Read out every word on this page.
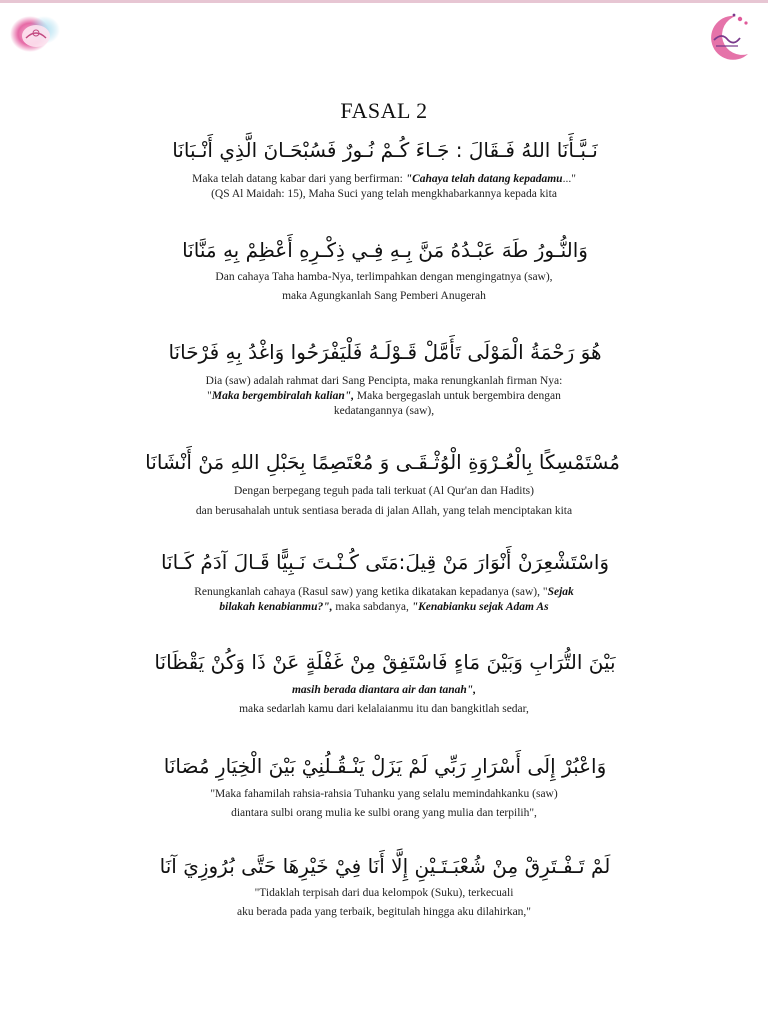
FASAL 2
نَـبَّـأَنَا اللهُ فَـقَالَ : جَـاءَ كُـمْ نُـورٌ فَسُبْحَـانَ الَّذِي أَنْـبَانَا
Maka telah datang kabar dari yang berfirman: "Cahaya telah datang kepadamu..."
(QS Al Maidah: 15), Maha Suci yang telah mengkhabarkannya kepada kita
وَالنُّـورُ طَهَ عَبْـدُهُ مَنَّ بِـهِ فِـي ذِكْـرِهِ أَعْظِمْ بِهِ مَنَّانَا
Dan cahaya Taha hamba-Nya, terlimpahkan dengan mengingatnya (saw),
maka Agungkanlah Sang Pemberi Anugerah
هُوَ رَحْمَةُ الْمَوْلَى تَأَمَّلْ قَـوْلَـهُ فَلْيَفْرَحُوا وَاغْدُ بِهِ فَرْحَانَا
Dia (saw) adalah rahmat dari Sang Pencipta, maka renungkanlah firman Nya:
"Maka bergembiralah kalian", Maka bergegaslah untuk bergembira dengan
kedatangannya (saw),
مُسْتَمْسِكًا بِالْعُـرْوَةِ الْوُثْـقَـى وَ مُعْتَصِمًا بِحَبْلِ اللهِ مَنْ أَنْشَانَا
Dengan berpegang teguh pada tali terkuat (Al Qur'an dan Hadits)
dan berusahalah untuk sentiasa berada di jalan Allah, yang telah menciptakan kita
وَاسْتَشْعِرَنْ أَنْوَارَ مَنْ قِيلَ:مَتَى كُـنْـتَ نَـبِيًّا قَـالَ آدَمُ كَـانَا
Renungkanlah cahaya (Rasul saw) yang ketika dikatakan kepadanya (saw), "Sejak
bilakah kenabianmu?", maka sabdanya, "Kenabianku sejak Adam As
بَيْنَ التُّرَابِ وَبَيْنَ مَاءٍ فَاسْتَفِقْ مِنْ غَفْلَةٍ عَنْ ذَا وَكُنْ يَقْظَانَا
masih berada diantara air dan tanah",
maka sedarlah kamu dari kelalaianmu itu dan bangkitlah sedar,
وَاعْبُرْ إِلَى أَسْرَارِ رَبِّي لَمْ يَزَلْ يَنْـقُـلُنِيْ بَيْنَ الْخِيَارِ مُصَانَا
"Maka fahamilah rahsia-rahsia Tuhanku yang selalu memindahkanku (saw)
diantara sulbi orang mulia ke sulbi orang yang mulia dan terpilih",
لَمْ تَـفْـتَرِقْ مِنْ شُعْبَـتَـيْنِ إِلَّا أَنَا فِيْ خَيْرِهَا حَتَّى بُرُوزِيَ آنَا
"Tidaklah terpisah dari dua kelompok (Suku), terkecuali
aku berada pada yang terbaik, begitulah hingga aku dilahirkan,"
